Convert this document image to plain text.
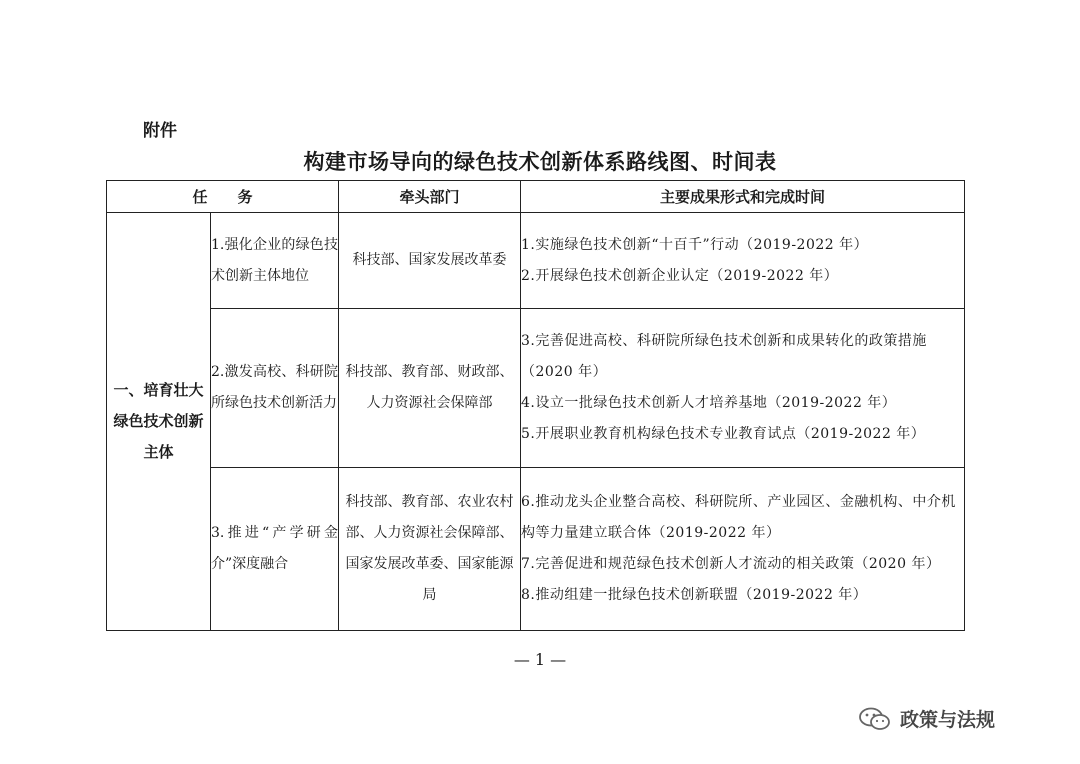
附件
构建市场导向的绿色技术创新体系路线图、时间表
任务		牵头部门	主要成果形式和完成时间
一、培育壮大绿色技术创新主体	1.强化企业的绿色技术创新主体地位	科技部、国家发展改革委	1.实施绿色技术创新“十百千”行动（2019-2022 年）
2.开展绿色技术创新企业认定（2019-2022 年）

	2.激发高校、科研院所绿色技术创新活力	科技部、教育部、财政部、人力资源社会保障部	3.完善促进高校、科研院所绿色技术创新和成果转化的政策措施（2020 年）
4.设立一批绿色技术创新人才培养基地（2019-2022 年）
5.开展职业教育机构绿色技术专业教育试点（2019-2022 年）

	3.推进“产学研金介”深度融合	科技部、教育部、农业农村部、人力资源社会保障部、国家发展改革委、国家能源局	6.推动龙头企业整合高校、科研院所、产业园区、金融机构、中介机构等力量建立联合体（2019-2022 年）
7.完善促进和规范绿色技术创新人才流动的相关政策（2020 年）
8.推动组建一批绿色技术创新联盟（2019-2022 年）
— 1 —
政策与法规
